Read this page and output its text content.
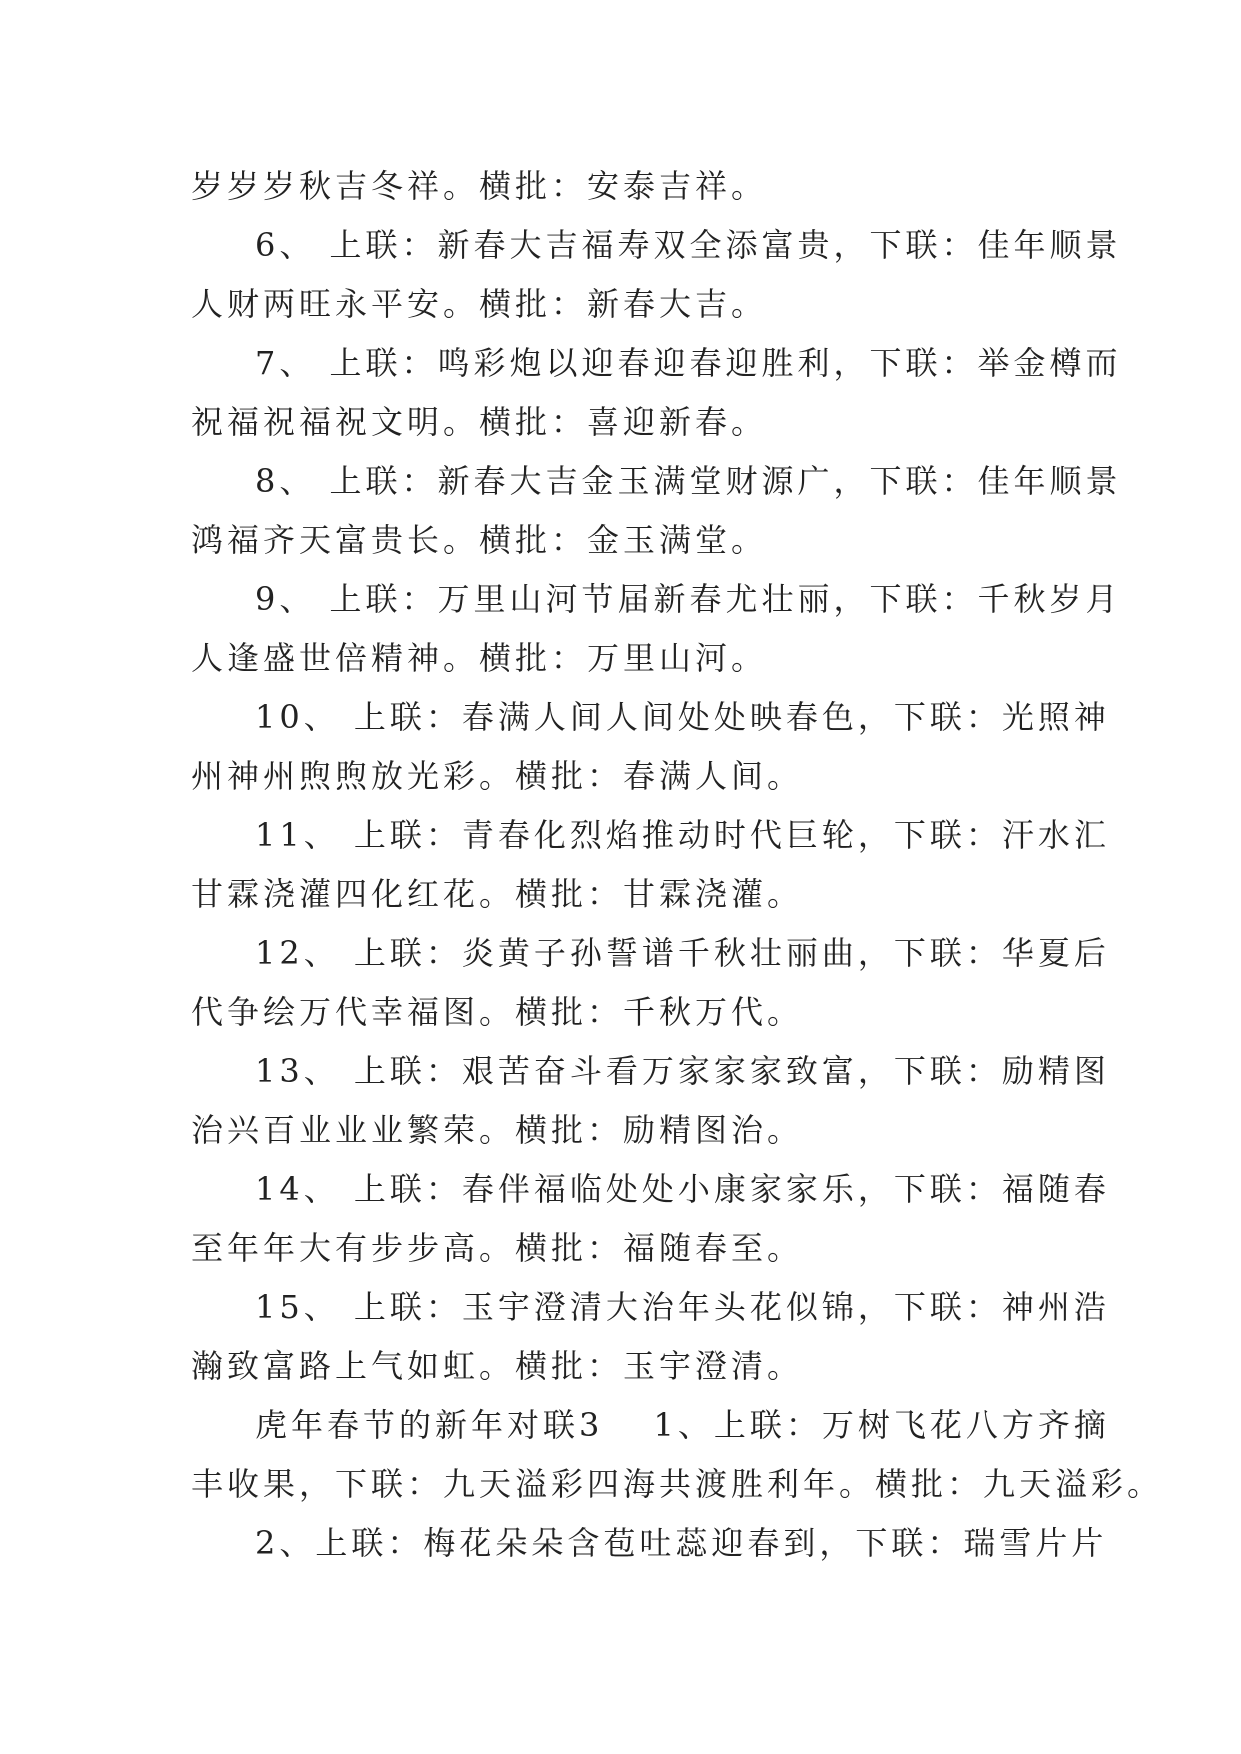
岁岁岁秋吉冬祥。横批：安泰吉祥。
6、 上联：新春大吉福寿双全添富贵，下联：佳年顺景
人财两旺永平安。横批：新春大吉。
7、 上联：鸣彩炮以迎春迎春迎胜利，下联：举金樽而
祝福祝福祝文明。横批：喜迎新春。
8、 上联：新春大吉金玉满堂财源广，下联：佳年顺景
鸿福齐天富贵长。横批：金玉满堂。
9、 上联：万里山河节届新春尤壮丽，下联：千秋岁月
人逢盛世倍精神。横批：万里山河。
10、 上联：春满人间人间处处映春色，下联：光照神
州神州煦煦放光彩。横批：春满人间。
11、 上联：青春化烈焰推动时代巨轮，下联：汗水汇
甘霖浇灌四化红花。横批：甘霖浇灌。
12、 上联：炎黄子孙誓谱千秋壮丽曲，下联：华夏后
代争绘万代幸福图。横批：千秋万代。
13、 上联：艰苦奋斗看万家家家致富，下联：励精图
治兴百业业业繁荣。横批：励精图治。
14、 上联：春伴福临处处小康家家乐，下联：福随春
至年年大有步步高。横批：福随春至。
15、 上联：玉宇澄清大治年头花似锦，下联：神州浩
瀚致富路上气如虹。横批：玉宇澄清。
虎年春节的新年对联3　 1、上联：万树飞花八方齐摘
丰收果，下联：九天溢彩四海共渡胜利年。横批：九天溢彩。
2、上联：梅花朵朵含苞吐蕊迎春到，下联：瑞雪片片
